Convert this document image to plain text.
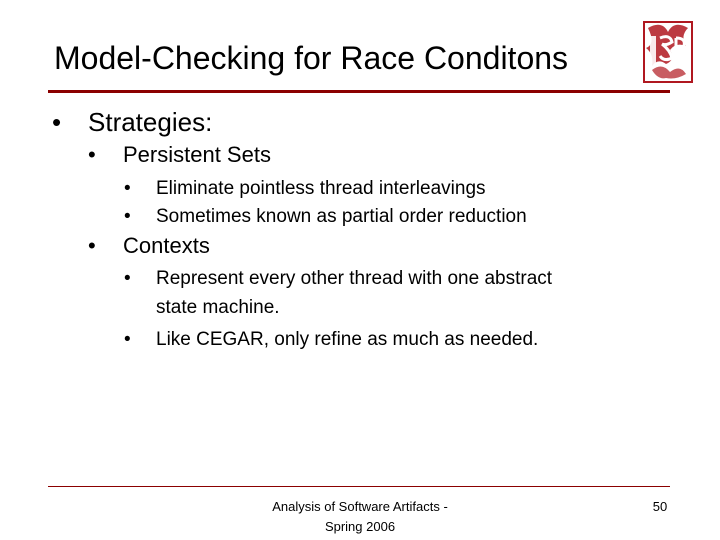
Model-Checking for Race Conditons
• Strategies:
• Persistent Sets
• Eliminate pointless thread interleavings
• Sometimes known as partial order reduction
• Contexts
• Represent every other thread with one abstract
state machine.
• Like CEGAR, only refine as much as needed.
Analysis of Software Artifacts -
Spring 2006
50
